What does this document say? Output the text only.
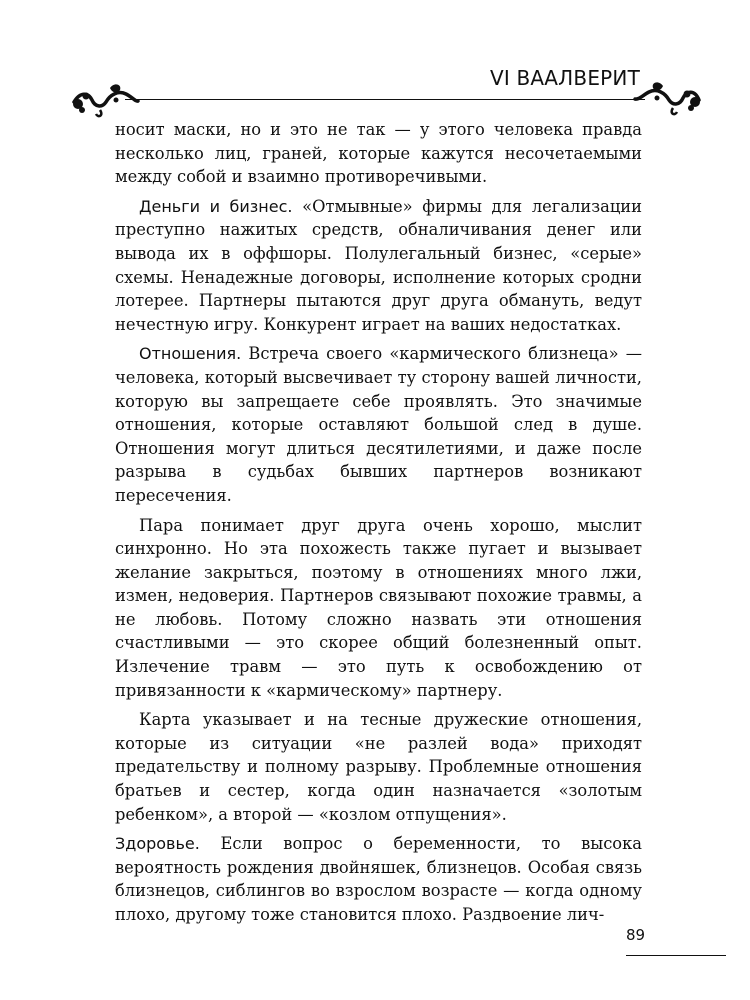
VI ВААЛВЕРИТ

носит маски, но и это не так — у этого человека правда несколько лиц, граней, которые кажутся несочетаемыми между собой и взаимно противоречивыми.

Деньги и бизнес. «Отмывные» фирмы для легализации преступно нажитых средств, обналичивания денег или вывода их в оффшоры. Полулегальный бизнес, «серые» схемы. Ненадежные договоры, исполнение которых сродни лотерее. Партнеры пытаются друг друга обмануть, ведут нечестную игру. Конкурент играет на ваших недостатках.

Отношения. Встреча своего «кармического близнеца» — человека, который высвечивает ту сторону вашей личности, которую вы запрещаете себе проявлять. Это значимые отношения, которые оставляют большой след в душе. Отношения могут длиться десятилетиями, и даже после разрыва в судьбах бывших партнеров возникают пересечения.

Пара понимает друг друга очень хорошо, мыслит синхронно. Но эта похожесть также пугает и вызывает желание закрыться, поэтому в отношениях много лжи, измен, недоверия. Партнеров связывают похожие травмы, а не любовь. Потому сложно назвать эти отношения счастливыми — это скорее общий болезненный опыт. Излечение травм — это путь к освобождению от привязанности к «кармическому» партнеру.

Карта указывает и на тесные дружеские отношения, которые из ситуации «не разлей вода» приходят предательству и полному разрыву. Проблемные отношения братьев и сестер, когда один назначается «золотым ребенком», а второй — «козлом отпущения».

Здоровье. Если вопрос о беременности, то высока вероятность рождения двойняшек, близнецов. Особая связь близнецов, сиблингов во взрослом возрасте — когда одному плохо, другому тоже становится плохо. Раздвоение лич-

89
